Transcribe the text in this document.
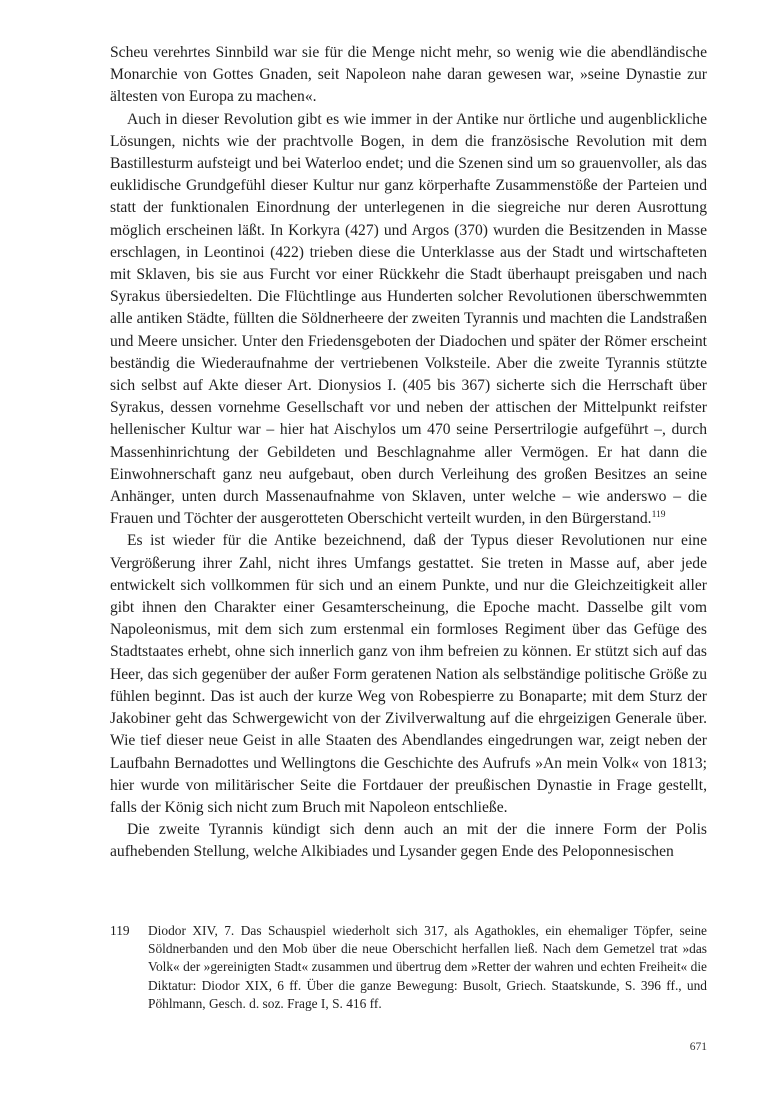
Scheu verehrtes Sinnbild war sie für die Menge nicht mehr, so wenig wie die abendländische Monarchie von Gottes Gnaden, seit Napoleon nahe daran gewesen war, »seine Dynastie zur ältesten von Europa zu machen«.

Auch in dieser Revolution gibt es wie immer in der Antike nur örtliche und augenblickliche Lösungen, nichts wie der prachtvolle Bogen, in dem die französische Revolution mit dem Bastillesturm aufsteigt und bei Waterloo endet; und die Szenen sind um so grauenvoller, als das euklidische Grundgefühl dieser Kultur nur ganz körperhafte Zusammenstöße der Parteien und statt der funktionalen Einordnung der unterlegenen in die siegreiche nur deren Ausrottung möglich erscheinen läßt. In Korkyra (427) und Argos (370) wurden die Besitzenden in Masse erschlagen, in Leontinoi (422) trieben diese die Unterklasse aus der Stadt und wirtschafteten mit Sklaven, bis sie aus Furcht vor einer Rückkehr die Stadt überhaupt preisgaben und nach Syrakus übersiedelten. Die Flüchtlinge aus Hunderten solcher Revolutionen überschwemmten alle antiken Städte, füllten die Söldnerheere der zweiten Tyrannis und machten die Landstraßen und Meere unsicher. Unter den Friedensgeboten der Diadochen und später der Römer erscheint beständig die Wiederaufnahme der vertriebenen Volksteile. Aber die zweite Tyrannis stützte sich selbst auf Akte dieser Art. Dionysios I. (405 bis 367) sicherte sich die Herrschaft über Syrakus, dessen vornehme Gesellschaft vor und neben der attischen der Mittelpunkt reifster hellenischer Kultur war – hier hat Aischylos um 470 seine Persertrilogie aufgeführt –, durch Massenhinrichtung der Gebildeten und Beschlagnahme aller Vermögen. Er hat dann die Einwohnerschaft ganz neu aufgebaut, oben durch Verleihung des großen Besitzes an seine Anhänger, unten durch Massenaufnahme von Sklaven, unter welche – wie anderswo – die Frauen und Töchter der ausgerotteten Oberschicht verteilt wurden, in den Bürgerstand.$^{119}$

Es ist wieder für die Antike bezeichnend, daß der Typus dieser Revolutionen nur eine Vergrößerung ihrer Zahl, nicht ihres Umfangs gestattet. Sie treten in Masse auf, aber jede entwickelt sich vollkommen für sich und an einem Punkte, und nur die Gleichzeitigkeit aller gibt ihnen den Charakter einer Gesamterscheinung, die Epoche macht. Dasselbe gilt vom Napoleonismus, mit dem sich zum erstenmal ein formloses Regiment über das Gefüge des Stadtstaates erhebt, ohne sich innerlich ganz von ihm befreien zu können. Er stützt sich auf das Heer, das sich gegenüber der außer Form geratenen Nation als selbständige politische Größe zu fühlen beginnt. Das ist auch der kurze Weg von Robespierre zu Bonaparte; mit dem Sturz der Jakobiner geht das Schwergewicht von der Zivilverwaltung auf die ehrgeizigen Generale über. Wie tief dieser neue Geist in alle Staaten des Abendlandes eingedrungen war, zeigt neben der Laufbahn Bernadottes und Wellingtons die Geschichte des Aufrufs »An mein Volk« von 1813; hier wurde von militärischer Seite die Fortdauer der preußischen Dynastie in Frage gestellt, falls der König sich nicht zum Bruch mit Napoleon entschließe.

Die zweite Tyrannis kündigt sich denn auch an mit der die innere Form der Polis aufhebenden Stellung, welche Alkibiades und Lysander gegen Ende des Peloponnesischen

119 Diodor XIV, 7. Das Schauspiel wiederholt sich 317, als Agathokles, ein ehemaliger Töpfer, seine Söldnerbanden und den Mob über die neue Oberschicht herfallen ließ. Nach dem Gemetzel trat »das Volk« der »gereinigten Stadt« zusammen und übertrug dem »Retter der wahren und echten Freiheit« die Diktatur: Diodor XIX, 6 ff. Über die ganze Bewegung: Busolt, Griech. Staatskunde, S. 396 ff., und Pöhlmann, Gesch. d. soz. Frage I, S. 416 ff.
671
